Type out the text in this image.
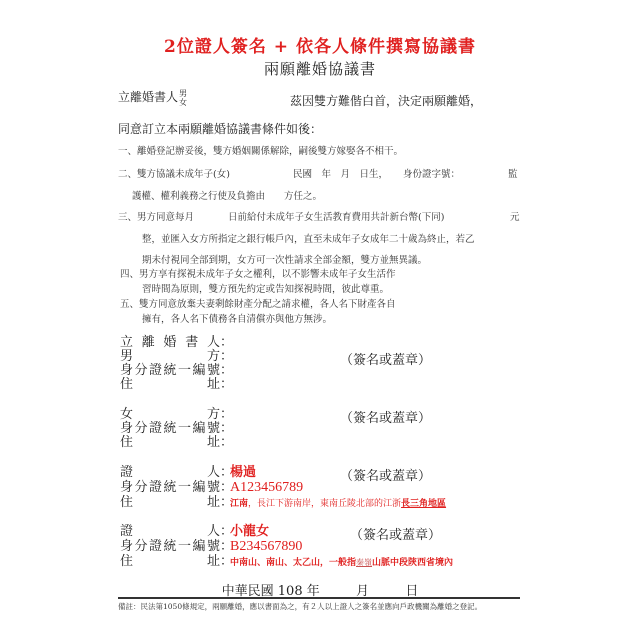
2位證人簽名 + 依各人條件撰寫協議書
兩願離婚協議書
立離婚書人男
女	茲因雙方難偕白首，決定兩願離婚，
同意訂立本兩願離婚協議書條件如後：
一、離婚登記辦妥後，雙方婚姻關係解除，嗣後雙方嫁娶各不相干。
二、雙方協議未成年子(女)	民國　年　月　日生， 身份證字號：	監
護權、權利義務之行使及負擔由　　方任之。
三、男方同意每月	日前給付未成年子女生活教育費用共計新台幣(下同)	元
整，並匯入女方所指定之銀行帳戶內，直至未成年子女成年二十歲為終止，若乙
期未付視同全部到期，女方可一次性請求全部金額，雙方並無異議。
四、男方享有探視未成年子女之權利，以不影響未成年子女生活作
習時間為原則，雙方預先約定或告知探視時間，彼此尊重。
五、雙方同意放棄夫妻剩餘財產分配之請求權，各人名下財產各自
擁有，各人名下債務各自清償亦與他方無涉。
立離婚書人：
男方：	（簽名或蓋章）
身分證統一編號：
住址：
女方：	（簽名或蓋章）
身分證統一編號：
住址：
證人：楊過	（簽名或蓋章）
身分證統一編號：A123456789
住址：江南，長江下游南岸，東南丘陵北部的江浙長三角地區
證人：小龍女	（簽名或蓋章）
身分證統一編號：B234567890
住址：中南山、南山、太乙山，一般指秦嶺山脈中段陝西省境內
中華民國 108 年	月	日
備註：民法第1050條規定，兩願離婚，應以書面為之，有２人以上證人之簽名並應向戶政機關為離婚之登記。
